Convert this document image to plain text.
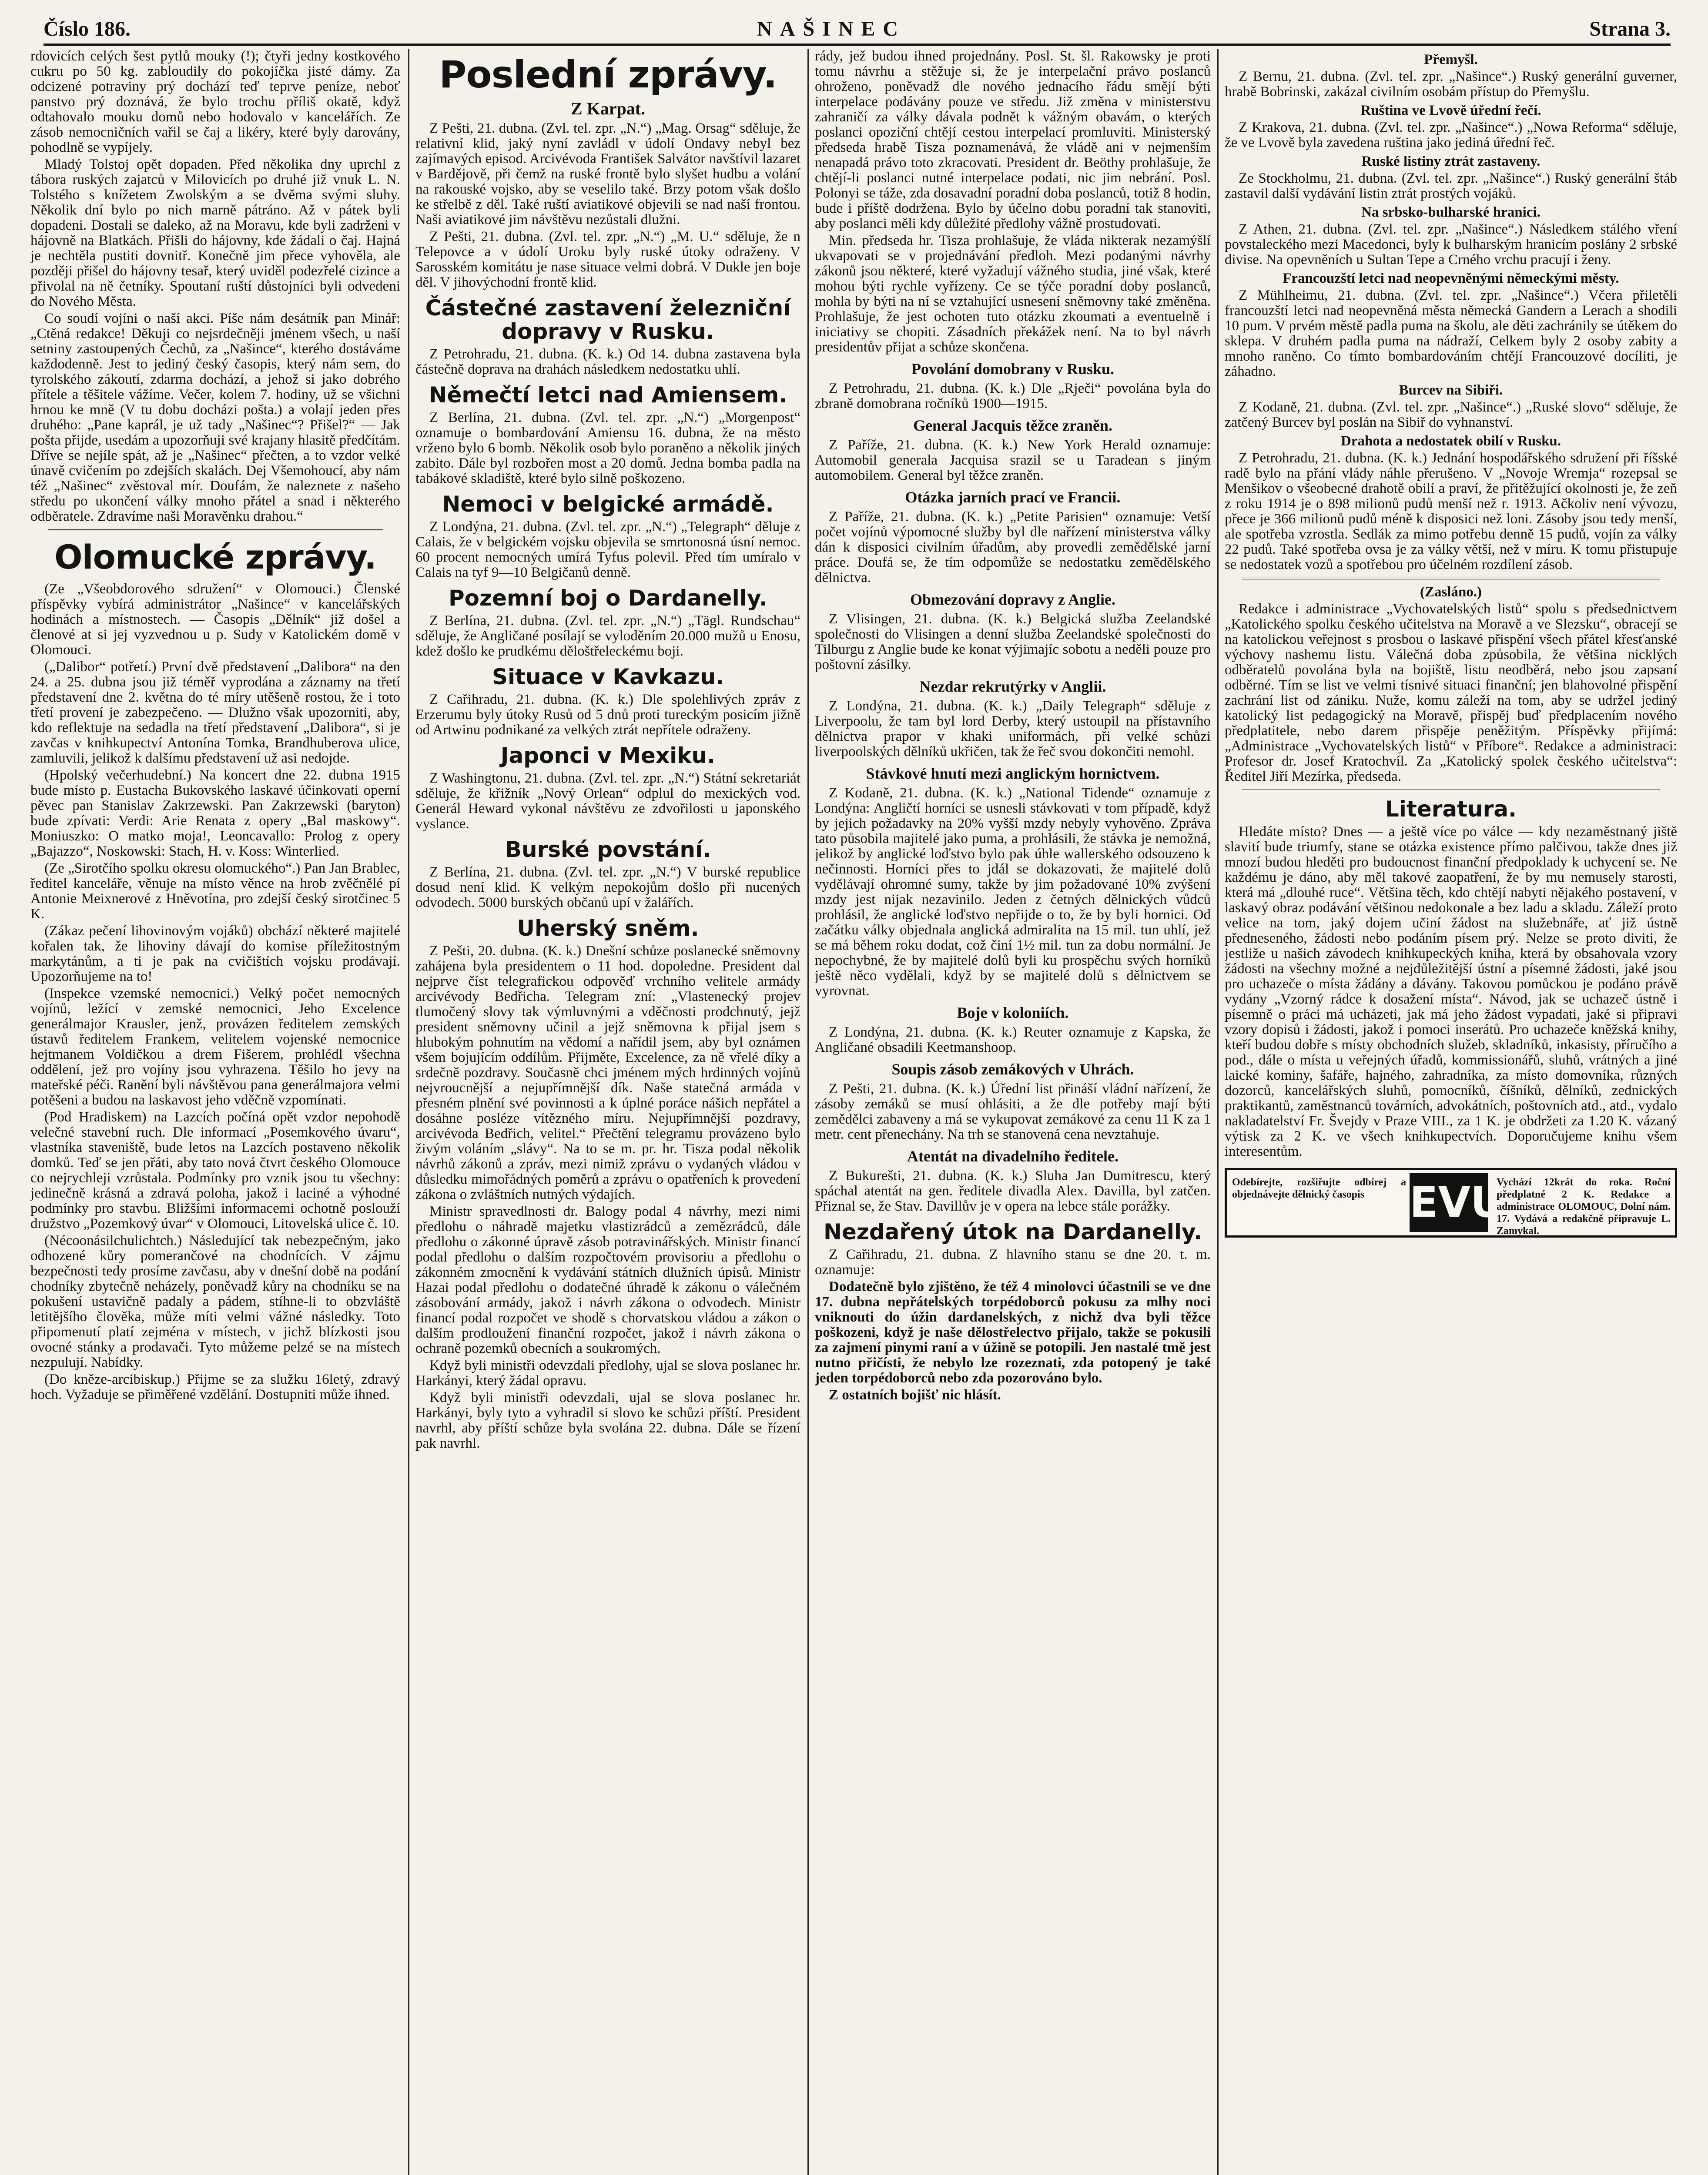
Číslo 186.	NAŠINEC	Strana 3.

rdovicích celých šest pytlů mouky (!); čtyři jedny kostkového cukru po 50 kg. zabloudily do pokojíčka jisté dámy. Za odcizené potraviny prý dochází teď teprve peníze, neboť panstvo prý doznává, že bylo trochu příliš okatě, když odtahovalo mouku domů nebo hodovalo v kancelářích. Ze zásob nemocničních vařil se čaj a likéry, které byly darovány, pohodlně se vypíjely.

Mladý Tolstoj opět dopaden. Před několika dny uprchl z tábora ruských zajatců v Milovicích po druhé již vnuk L. N. Tolstého s knížetem Zwolským a se dvěma svými sluhy. Několik dní bylo po nich marně pátráno. Až v pátek byli dopadeni. Dostali se daleko, až na Moravu, kde byli zadrženi v hájovně na Blatkách. Přišli do hájovny, kde žádali o čaj. Hajná je nechtěla pustiti dovnitř. Konečně jim přece vyhověla, ale později přišel do hájovny tesař, který uviděl podezřelé cizince a přivolal na ně četníky. Spoutaní ruští důstojníci byli odvedeni do Nového Města.

Co soudí vojíni o naší akci. Píše nám desátník pan Minář: „Ctěná redakce! Děkuji co nejsrdečněji jménem všech, u naší setniny zastoupených Čechů, za „Našince“, kterého dostáváme každodenně. Jest to jediný český časopis, který nám sem, do tyrolského zákoutí, zdarma dochází, a jehož si jako dobrého přítele a těšitele vážíme. Večer, kolem 7. hodiny, už se všichni hrnou ke mně (V tu dobu docházi pošta.) a volají jeden přes druhého: „Pane kaprál, je už tady „Našinec“? Přišel?“ — Jak pošta přijde, usedám a upozorňuji své krajany hlasitě předčítám. Dříve se nejíle spát, až je „Našinec“ přečten, a to vzdor velké únavě cvičením po zdejších skalách. Dej Všemohoucí, aby nám též „Našinec“ zvěstoval mír. Doufám, že naleznete z našeho středu po ukončení války mnoho přátel a snad i některého odběratele. Zdravíme naši Moravěnku drahou.“

Olomucké zprávy.

(Ze „Všeobdorového sdružení“ v Olomouci.) Členské příspěvky vybírá administrátor „Našince“ v kancelářských hodinách a místnostech. — Časopis „Dělník“ již došel a členové at si jej vyzvednou u p. Sudy v Katolickém domě v Olomouci.

(„Dalibor“ potřetí.) První dvě představení „Dalibora“ na den 24. a 25. dubna jsou již téměř vyprodána a záznamy na třetí představení dne 2. května do té míry utěšeně rostou, že i toto třetí provení je zabezpečeno. — Dlužno však upozorniti, aby, kdo reflektuje na sedadla na třetí představení „Dalibora“, si je zavčas v knihkupectví Antonína Tomka, Brandhuberova ulice, zamluvili, jelikož k dalšímu představení už asi nedojde.

(Hpolský večerhudební.) Na koncert dne 22. dubna 1915 bude místo p. Eustacha Bukovského laskavé účinkovati operní pěvec pan Stanislav Zakrzewski. Pan Zakrzewski (baryton) bude zpívati: Verdi: Arie Renata z opery „Bal maskowy“. Moniuszko: O matko moja!, Leoncavallo: Prolog z opery „Bajazzo“, Noskowski: Stach, H. v. Koss: Winterlied.

(Ze „Sirotčího spolku okresu olomuckého“.) Pan Jan Brablec, ředitel kanceláře, věnuje na místo věnce na hrob zvěčnělé pí Antonie Meixnerové z Hněvotína, pro zdejší český sirotčinec 5 K.

(Zákaz pečení lihovinovým vojáků) obchází některé majitelé kořalen tak, že lihoviny dávají do komise příležitostným markytánům, a ti je pak na cvičištích vojsku prodávají. Upozorňujeme na to!

(Inspekce vzemské nemocnici.) Velký počet nemocných vojínů, ležící v zemské nemocnici, Jeho Excelence generálmajor Krausler, jenž, provázen ředitelem zemských ústavů ředitelem Frankem, velitelem vojenské nemocnice hejtmanem Voldičkou a drem Fišerem, prohlédl všechna oddělení, jež pro vojíny jsou vyhrazena. Těšilo ho jevy na mateřské péči. Ranění byli návštěvou pana generálmajora velmi potěšeni a budou na laskavost jeho vděčně vzpomínati.

(Pod Hradiskem) na Lazcích počíná opět vzdor nepohodě velečné stavební ruch. Dle informací „Posemkového úvaru“, vlastníka staveniště, bude letos na Lazcích postaveno několik domků. Teď se jen přáti, aby tato nová čtvrt českého Olomouce co nejrychleji vzrůstala. Podmínky pro vznik jsou tu všechny: jedinečně krásná a zdravá poloha, jakož i laciné a výhodné podmínky pro stavbu. Bližšími informacemi ochotně poslouží družstvo „Pozemkový úvar“ v Olomouci, Litovelská ulice č. 10.

(Nécoonásilchulichtch.) Následující tak nebezpečným, jako odhozené kůry pomerančové na chodnících. V zájmu bezpečnosti tedy prosíme zavčasu, aby v dnešní době na podání chodníky zbytečně neházely, poněvadž kůry na chodníku se na pokušení ustavičně padaly a pádem, stíhne-li to obzvláště letitějšího člověka, může míti velmi vážné následky. Toto připomenutí platí zejména v místech, v jichž blízkosti jsou ovocné stánky a prodavači. Tyto můžeme pelzé se na místech nezpulují. Nabídky.

(Do kněze-arcibiskup.) Přijme se za služku 16letý, zdravý hoch. Vyžaduje se přiměřené vzdělání. Dostupniti může ihned.

Poslední zprávy.
Z Karpat.

Z Pešti, 21. dubna. (Zvl. tel. zpr. „N.“) „Mag. Orsag“ sděluje, že relativní klid, jaký nyní zavládl v údolí Ondavy nebyl bez zajímavých episod. Arcivévoda František Salvátor navštívil lazaret v Bardějově, při čemž na ruské frontě bylo slyšet hudbu a volání na rakouské vojsko, aby se veselilo také. Brzy potom však došlo ke střelbě z děl. Také ruští aviatikové objevili se nad naší frontou. Naši aviatikové jim návštěvu nezůstali dlužni.

Z Pešti, 21. dubna. (Zvl. tel. zpr. „N.“) „M. U.“ sděluje, že n Telepovce a v údolí Uroku byly ruské útoky odraženy. V Sarosském komitátu je nase situace velmi dobrá. V Dukle jen boje děl. V jihovýchodní frontě klid.

Částečné zastavení železniční dopravy v Rusku.

Z Petrohradu, 21. dubna. (K. k.) Od 14. dubna zastavena byla částečně doprava na drahách následkem nedostatku uhlí.

Němečtí letci nad Amiensem.

Z Berlína, 21. dubna. (Zvl. tel. zpr. „N.“) „Morgenpost“ oznamuje o bombardování Amiensu 16. dubna, že na město vrženo bylo 6 bomb. Několik osob bylo poraněno a několik jiných zabito. Dále byl rozbořen most a 20 domů. Jedna bomba padla na tabákové skladiště, které bylo silně poškozeno.

Nemoci v belgické armádě.

Z Londýna, 21. dubna. (Zvl. tel. zpr. „N.“) „Telegraph“ děluje z Calais, že v belgickém vojsku objevila se smrtonosná úsní nemoc. 60 procent nemocných umírá Tyfus polevil. Před tím umíralo v Calais na tyf 9—10 Belgičanů denně.

Pozemní boj o Dardanelly.

Z Berlína, 21. dubna. (Zvl. tel. zpr. „N.“) „Tägl. Rundschau“ sděluje, že Angličané posílají se vyloděním 20.000 mužů u Enosu, kdež došlo ke prudkému děloštřeleckému boji.

Situace v Kavkazu.

Z Cařihradu, 21. dubna. (K. k.) Dle spolehlivých zpráv z Erzerumu byly útoky Rusů od 5 dnů proti tureckým posicím jižně od Artwinu podnikané za velkých ztrát nepřítele odraženy.

Japonci v Mexiku.

Z Washingtonu, 21. dubna. (Zvl. tel. zpr. „N.“) Státní sekretariát sděluje, že křižník „Nový Orlean“ odplul do mexických vod. Generál Heward vykonal návštěvu ze zdvořilosti u japonského vyslance.

Burské povstání.

Z Berlína, 21. dubna. (Zvl. tel. zpr. „N.“) V burské republice dosud není klid. K velkým nepokojům došlo při nucených odvodech. 5000 burských občanů upí v žalářích.

Uherský sněm.

Z Pešti, 20. dubna. (K. k.) Dnešní schůze poslanecké sněmovny zahájena byla presidentem o 11 hod. dopoledne. President dal nejprve číst telegrafickou odpověď vrchního velitele armády arcivévody Bedřicha. Telegram zní: „Vlastenecký projev tlumočený slovy tak výmluvnými a vděčnosti prodchnutý, jejž president sněmovny učinil a jejž sněmovna k přijal jsem s hlubokým pohnutím na vědomí a nařídil jsem, aby byl oznámen všem bojujícím oddílům. Přijměte, Excelence, za ně vřelé díky a srdečně pozdravy. Současně chci jménem mých hrdinných vojínů nejvroucnější a nejupřímnější dík. Naše statečná armáda v přesném plnění své povinnosti a k úplné poráce nášich nepřátel a dosáhne posléze vítězného míru. Nejupřímnější pozdravy, arcivévoda Bedřich, velitel.“ Přečtění telegramu provázeno bylo živým voláním „slávy“. Na to se m. pr. hr. Tisza podal několik návrhů zákonů a zpráv, mezi nimiž zprávu o vydaných vládou v důsledku mimořádných poměrů a zprávu o opatřeních k provedení zákona o zvláštních nutných výdajích.

Ministr spravedlnosti dr. Balogy podal 4 návrhy, mezi nimi předlohu o náhradě majetku vlastizrádců a zemězrádců, dále předlohu o zákonné úpravě zásob potravinářských. Ministr financí podal předlohu o dalším rozpočtovém provisoriu a předlohu o zákonném zmocnění k vydávání státních dlužních úpisů. Ministr Hazai podal předlohu o dodatečné úhradě k zákonu o válečném zásobování armády, jakož i návrh zákona o odvodech. Ministr financí podal rozpočet ve shodě s chorvatskou vládou a zákon o dalším prodloužení finanční rozpočet, jakož i návrh zákona o ochraně pozemků obecních a soukromých.

Když byli ministři odevzdali předlohy, ujal se slova poslanec hr. Harkányi, který žádal opravu.

Když byli ministři odevzdali, ujal se slova poslanec hr. Harkányi, byly tyto a vyhradil si slovo ke schůzi příští. President navrhl, aby příští schůze byla svolána 22. dubna. Dále se řízení pak navrhl.

rády, jež budou ihned projednány. Posl. St. šl. Rakowsky je proti tomu návrhu a stěžuje si, že je interpelační právo poslanců ohroženo, poněvadž dle nového jednacího řádu smějí býti interpelace podávány pouze ve středu. Již změna v ministerstvu zahraničí za války dávala podnět k vážným obavám, o kterých poslanci opoziční chtějí cestou interpelací promluviti. Ministerský předseda hrabě Tisza poznamenává, že vládě ani v nejmenším nenapadá právo toto zkracovati. President dr. Beöthy prohlašuje, že chtějí-li poslanci nutné interpelace podati, nic jim nebrání. Posl. Polonyi se táže, zda dosavadní poradní doba poslanců, totiž 8 hodin, bude i příště dodržena. Bylo by účelno dobu poradní tak stanoviti, aby poslanci měli kdy důležité předlohy vážně prostudovati.

Min. předseda hr. Tisza prohlašuje, že vláda nikterak nezamýšlí ukvapovati se v projednávání předloh. Mezi podanými návrhy zákonů jsou některé, které vyžadují vážného studia, jiné však, které mohou býti rychle vyřízeny. Ce se týče poradní doby poslanců, mohla by býti na ní se vztahující usnesení sněmovny také změněna. Prohlašuje, že jest ochoten tuto otázku zkoumati a eventuelně i iniciativy se chopiti. Zásadních překážek není. Na to byl návrh presidentův přijat a schůze skončena.

Povolání domobrany v Rusku.

Z Petrohradu, 21. dubna. (K. k.) Dle „Rječi“ povolána byla do zbraně domobrana ročníků 1900—1915.

General Jacquis těžce zraněn.

Z Paříže, 21. dubna. (K. k.) New York Herald oznamuje: Automobil generala Jacquisa srazil se u Taradean s jiným automobilem. General byl těžce zraněn.

Otázka jarních prací ve Francii.

Z Paříže, 21. dubna. (K. k.) „Petite Parisien“ oznamuje: Vetší počet vojínů výpomocné služby byl dle nařízení ministerstva války dán k disposici civilním úřadům, aby provedli zemědělské jarní práce. Doufá se, že tím odpomůže se nedostatku zemědělského dělnictva.

Obmezování dopravy z Anglie.

Z Vlisingen, 21. dubna. (K. k.) Belgická služba Zeelandské společnosti do Vlisingen a denní služba Zeelandské společnosti do Tilburgu z Anglie bude ke konat výjimajíc sobotu a neděli pouze pro poštovní zásilky.

Nezdar rekrutýrky v Anglii.

Z Londýna, 21. dubna. (K. k.) „Daily Telegraph“ sděluje z Liverpoolu, že tam byl lord Derby, který ustoupil na přístavního dělnictva prapor v khaki uniformách, při velké schůzi liverpoolských dělníků ukřičen, tak že řeč svou dokončiti nemohl.

Stávkové hnutí mezi anglickým hornictvem.

Z Kodaně, 21. dubna. (K. k.) „National Tidende“ oznamuje z Londýna: Angličtí horníci se usnesli stávkovati v tom případě, když by jejich požadavky na 20% vyšší mzdy nebyly vyhověno. Zpráva tato působila majitelé jako puma, a prohlásili, že stávka je nemožná, jelikož by anglické loďstvo bylo pak úhle wallerského odsouzeno k nečinnosti. Horníci přes to jdál se dokazovati, že majitelé dolů vydělávají ohromné sumy, takže by jim požadované 10% zvýšení mzdy jest nijak nezavinilo. Jeden z četných dělnických vůdců prohlásil, že anglické loďstvo nepřijde o to, že by byli hornici. Od začátku války objednala anglická admiralita na 15 mil. tun uhlí, jež se má během roku dodat, což činí 1½ mil. tun za dobu normální. Je nepochybné, že by majitelé dolů byli ku prospěchu svých horníků ještě něco vydělali, když by se majitelé dolů s dělnictvem se vyrovnat.

Boje v koloniích.

Z Londýna, 21. dubna. (K. k.) Reuter oznamuje z Kapska, že Angličané obsadili Keetmanshoop.

Soupis zásob zemákových v Uhrách.

Z Pešti, 21. dubna. (K. k.) Úřední list přináší vládní nařízení, že zásoby zemáků se musí ohlásiti, a že dle potřeby mají býti zemědělci zabaveny a má se vykupovat zemákové za cenu 11 K za 1 metr. cent přenechány. Na trh se stanovená cena nevztahuje.

Atentát na divadelního ředitele.

Z Bukurešti, 21. dubna. (K. k.) Sluha Jan Dumitrescu, který spáchal atentát na gen. ředitele divadla Alex. Davilla, byl zatčen. Přiznal se, že Stav. Davillův je v opera na lebce stále porážky.

Nezdařený útok na Dardanelly.

Z Cařihradu, 21. dubna. Z hlavního stanu se dne 20. t. m. oznamuje:

Dodatečně bylo zjištěno, že též 4 minolovci účastnili se ve dne 17. dubna nepřátelských torpédoborců pokusu za mlhy noci vniknouti do úžin dardanelských, z nichž dva byli těžce poškozeni, když je naše dělostřelectvo přijalo, takže se pokusili za zajmení pinymi raní a v úžině se potopili. Jen nastalé tmě jest nutno přičísti, že nebylo lze rozeznati, zda potopený je také jeden torpédoborců nebo zda pozorováno bylo.

Z ostatních bojišť nic hlásít.

Přemyšl.

Z Bernu, 21. dubna. (Zvl. tel. zpr. „Našince“.) Ruský generální guverner, hrabě Bobrinski, zakázal civilním osobám přístup do Přemyšlu.

Ruština ve Lvově úřední řečí.

Z Krakova, 21. dubna. (Zvl. tel. zpr. „Našince“.) „Nowa Reforma“ sděluje, že ve Lvově byla zavedena ruština jako jediná úřední řeč.

Ruské listiny ztrát zastaveny.

Ze Stockholmu, 21. dubna. (Zvl. tel. zpr. „Našince“.) Ruský generální štáb zastavil další vydávání listin ztrát prostých vojáků.

Na srbsko-bulharské hranici.

Z Athen, 21. dubna. (Zvl. tel. zpr. „Našince“.) Následkem stálého vření povstaleckého mezi Macedonci, byly k bulharským hranicím poslány 2 srbské divise. Na opevněních u Sultan Tepe a Crného vrchu pracují i ženy.

Francouzští letci nad neopevněnými německými městy.

Z Mühlheimu, 21. dubna. (Zvl. tel. zpr. „Našince“.) Včera přiletěli francouzští letci nad neopevněná města německá Gandern a Lerach a shodili 10 pum. V prvém městě padla puma na školu, ale děti zachránily se útěkem do sklepa. V druhém padla puma na nádraží, Celkem byly 2 osoby zabity a mnoho raněno. Co tímto bombardováním chtějí Francouzové docíliti, je záhadno.

Burcev na Sibiři.

Z Kodaně, 21. dubna. (Zvl. tel. zpr. „Našince“.) „Ruské slovo“ sděluje, že zatčený Burcev byl poslán na Sibiř do vyhnanství.

Drahota a nedostatek obilí v Rusku.

Z Petrohradu, 21. dubna. (K. k.) Jednání hospodářského sdružení při říšské radě bylo na přání vlády náhle přerušeno. V „Novoje Wremja“ rozepsal se Menšikov o všeobecné drahotě obilí a praví, že přitěžující okolnosti je, že zeň z roku 1914 je o 898 milionů pudů menší než r. 1913. Ačkoliv není vývozu, přece je 366 milionů pudů méně k disposici než loni. Zásoby jsou tedy menší, ale spotřeba vzrostla. Sedlák za mimo potřebu denně 15 pudů, vojín za války 22 pudů. Také spotřeba ovsa je za války větší, než v míru. K tomu přistupuje se nedostatek vozů a spotřebou pro účelném rozdílení zásob.

(Zasláno.)

Redakce i administrace „Vychovatelských listů“ spolu s předsednictvem „Katolického spolku českého učitelstva na Moravě a ve Slezsku“, obracejí se na katolickou veřejnost s prosbou o laskavé přispění všech přátel křesťanské výchovy nashemu listu. Válečná doba způsobila, že většina nicklých odběratelů povolána byla na bojiště, listu neodběrá, nebo jsou zapsaní odběrné. Tím se list ve velmi tísnivé situaci finanční; jen blahovolné přispění zachrání list od zániku. Nuže, komu záleží na tom, aby se udržel jediný katolický list pedagogický na Moravě, přispěj buď předplacením nového předplatitele, nebo darem přispěje peněžitým. Příspěvky přijímá: „Administrace „Vychovatelských listů“ v Příbore“. Redakce a administraci: Profesor dr. Josef Kratochvíl. Za „Katolický spolek českého učitelstva“: Ředitel Jiří Mezírka, předseda.

Literatura.

Hledáte místo? Dnes — a ještě více po válce — kdy nezaměstnaný jiště slavití bude triumfy, stane se otázka existence přímo palčivou, takže dnes již mnozí budou hleděti pro budoucnost finanční předpoklady k uchycení se. Ne každému je dáno, aby měl takové zaopatření, že by mu nemusely starosti, která má „dlouhé ruce“. Většina těch, kdo chtějí nabyti nějakého postavení, v laskavý obraz podávání většinou nedokonale a bez ladu a skladu. Záleží proto velice na tom, jaký dojem učiní žádost na služebnáře, ať již ústně předneseného, žádosti nebo podáním písem prý. Nelze se proto diviti, že jestliže u našich závodech knihkupeckých kniha, která by obsahovala vzory žádosti na všechny možné a nejdůležitější ústní a písemné žádosti, jaké jsou pro uchazeče o místa žádány a dávány. Takovou pomůckou je podáno právě vydány „Vzorný rádce k dosažení místa“. Návod, jak se uchazeč ústně i písemně o práci má ucházeti, jak má jeho žádost vypadati, jaké si připravi vzory dopisů i žádosti, jakož i pomoci inserátů. Pro uchazeče kněžská knihy, kteří budou dobře s místy obchodních služeb, skladníků, inkasisty, příručího a pod., dále o místa u veřejných úřadů, kommissionářů, sluhů, vrátných a jiné laické kominy, šafáře, hajného, zahradníka, za místo domovníka, různých dozorců, kancelářských sluhů, pomocníků, číšníků, dělníků, zednických praktikantů, zaměstnanců továrních, advokátních, poštovních atd., atd., vydalo nakladatelství Fr. Švejdy v Praze VIII., za 1 K. je obdržeti za 1.20 K. vázaný výtisk za 2 K. ve všech knihkupectvích. Doporučujeme knihu všem interesentům.

Odebírejte, rozšiřujte odbírej a objednávejte dělnický časopis	EVU
Vychází 12krát do roka. Roční předplatné 2 K. Redakce a administrace OLOMOUC, Dolní nám. 17. Vydává a redakčně připravuje L. Zamykal.
